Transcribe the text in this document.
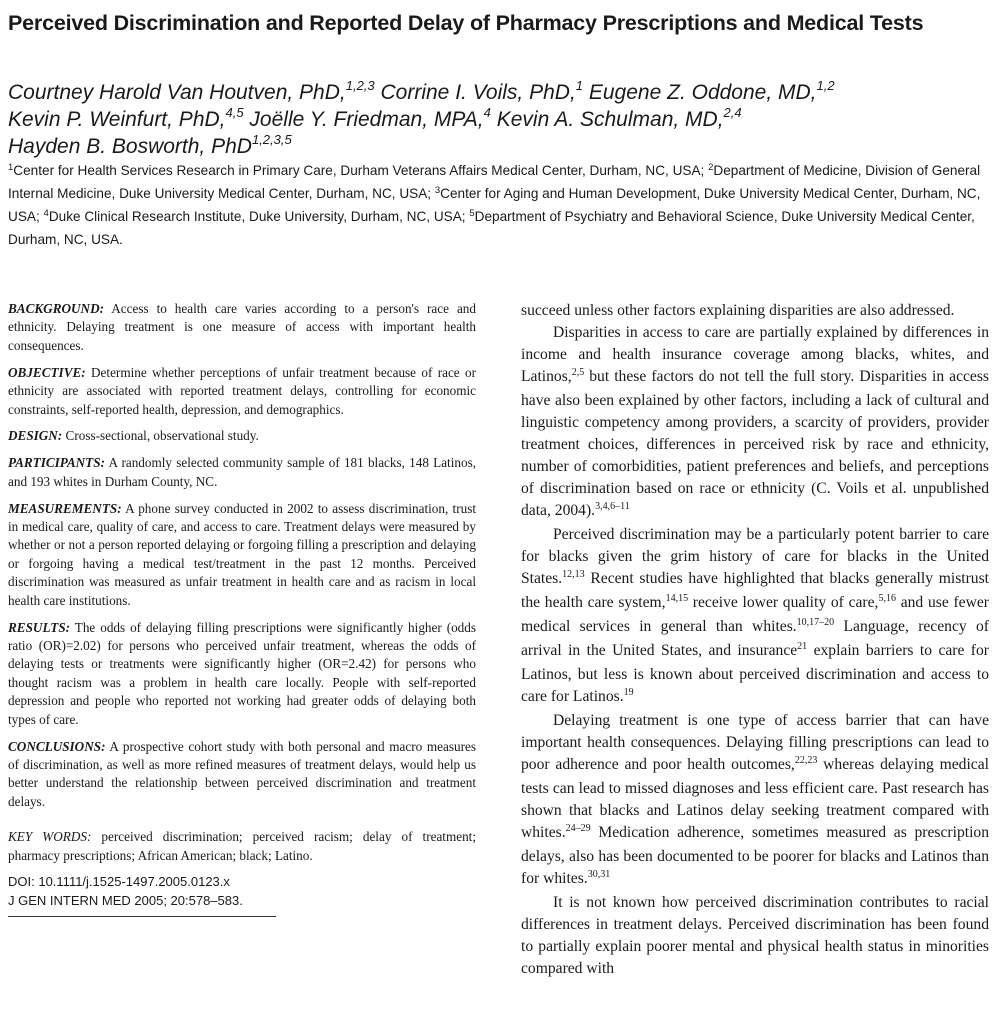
Perceived Discrimination and Reported Delay of Pharmacy Prescriptions and Medical Tests
Courtney Harold Van Houtven, PhD,$^{1,2,3}$ Corrine I. Voils, PhD,$^1$ Eugene Z. Oddone, MD,$^{1,2}$
Kevin P. Weinfurt, PhD,$^{4,5}$ Joëlle Y. Friedman, MPA,$^4$ Kevin A. Schulman, MD,$^{2,4}$
Hayden B. Bosworth, PhD$^{1,2,3,5}$
$^1$Center for Health Services Research in Primary Care, Durham Veterans Affairs Medical Center, Durham, NC, USA; $^2$Department of Medicine, Division of General Internal Medicine, Duke University Medical Center, Durham, NC, USA; $^3$Center for Aging and Human Development, Duke University Medical Center, Durham, NC, USA; $^4$Duke Clinical Research Institute, Duke University, Durham, NC, USA; $^5$Department of Psychiatry and Behavioral Science, Duke University Medical Center, Durham, NC, USA.

BACKGROUND: Access to health care varies according to a person's race and ethnicity. Delaying treatment is one measure of access with important health consequences.

OBJECTIVE: Determine whether perceptions of unfair treatment because of race or ethnicity are associated with reported treatment delays, controlling for economic constraints, self-reported health, depression, and demographics.

DESIGN: Cross-sectional, observational study.

PARTICIPANTS: A randomly selected community sample of 181 blacks, 148 Latinos, and 193 whites in Durham County, NC.

MEASUREMENTS: A phone survey conducted in 2002 to assess discrimination, trust in medical care, quality of care, and access to care. Treatment delays were measured by whether or not a person reported delaying or forgoing filling a prescription and delaying or forgoing having a medical test/treatment in the past 12 months. Perceived discrimination was measured as unfair treatment in health care and as racism in local health care institutions.

RESULTS: The odds of delaying filling prescriptions were significantly higher (odds ratio (OR)=2.02) for persons who perceived unfair treatment, whereas the odds of delaying tests or treatments were significantly higher (OR=2.42) for persons who thought racism was a problem in health care locally. People with self-reported depression and people who reported not working had greater odds of delaying both types of care.

CONCLUSIONS: A prospective cohort study with both personal and macro measures of discrimination, as well as more refined measures of treatment delays, would help us better understand the relationship between perceived discrimination and treatment delays.

KEY WORDS: perceived discrimination; perceived racism; delay of treatment; pharmacy prescriptions; African American; black; Latino.

DOI: 10.1111/j.1525-1497.2005.0123.x

J GEN INTERN MED 2005; 20:578–583.

succeed unless other factors explaining disparities are also addressed.

Disparities in access to care are partially explained by differences in income and health insurance coverage among blacks, whites, and Latinos,$^{2,5}$ but these factors do not tell the full story. Disparities in access have also been explained by other factors, including a lack of cultural and linguistic competency among providers, a scarcity of providers, provider treatment choices, differences in perceived risk by race and ethnicity, number of comorbidities, patient preferences and beliefs, and perceptions of discrimination based on race or ethnicity (C. Voils et al. unpublished data, 2004).$^{3,4,6-11}$

Perceived discrimination may be a particularly potent barrier to care for blacks given the grim history of care for blacks in the United States.$^{12,13}$ Recent studies have highlighted that blacks generally mistrust the health care system,$^{14,15}$ receive lower quality of care,$^{5,16}$ and use fewer medical services in general than whites.$^{10,17-20}$ Language, recency of arrival in the United States, and insurance$^{21}$ explain barriers to care for Latinos, but less is known about perceived discrimination and access to care for Latinos.$^{19}$

Delaying treatment is one type of access barrier that can have important health consequences. Delaying filling prescriptions can lead to poor adherence and poor health outcomes,$^{22,23}$ whereas delaying medical tests can lead to missed diagnoses and less efficient care. Past research has shown that blacks and Latinos delay seeking treatment compared with whites.$^{24-29}$ Medication adherence, sometimes measured as prescription delays, also has been documented to be poorer for blacks and Latinos than for whites.$^{30,31}$

It is not known how perceived discrimination contributes to racial differences in treatment delays. Perceived discrimination has been found to partially explain poorer mental and physical health status in minorities compared with
